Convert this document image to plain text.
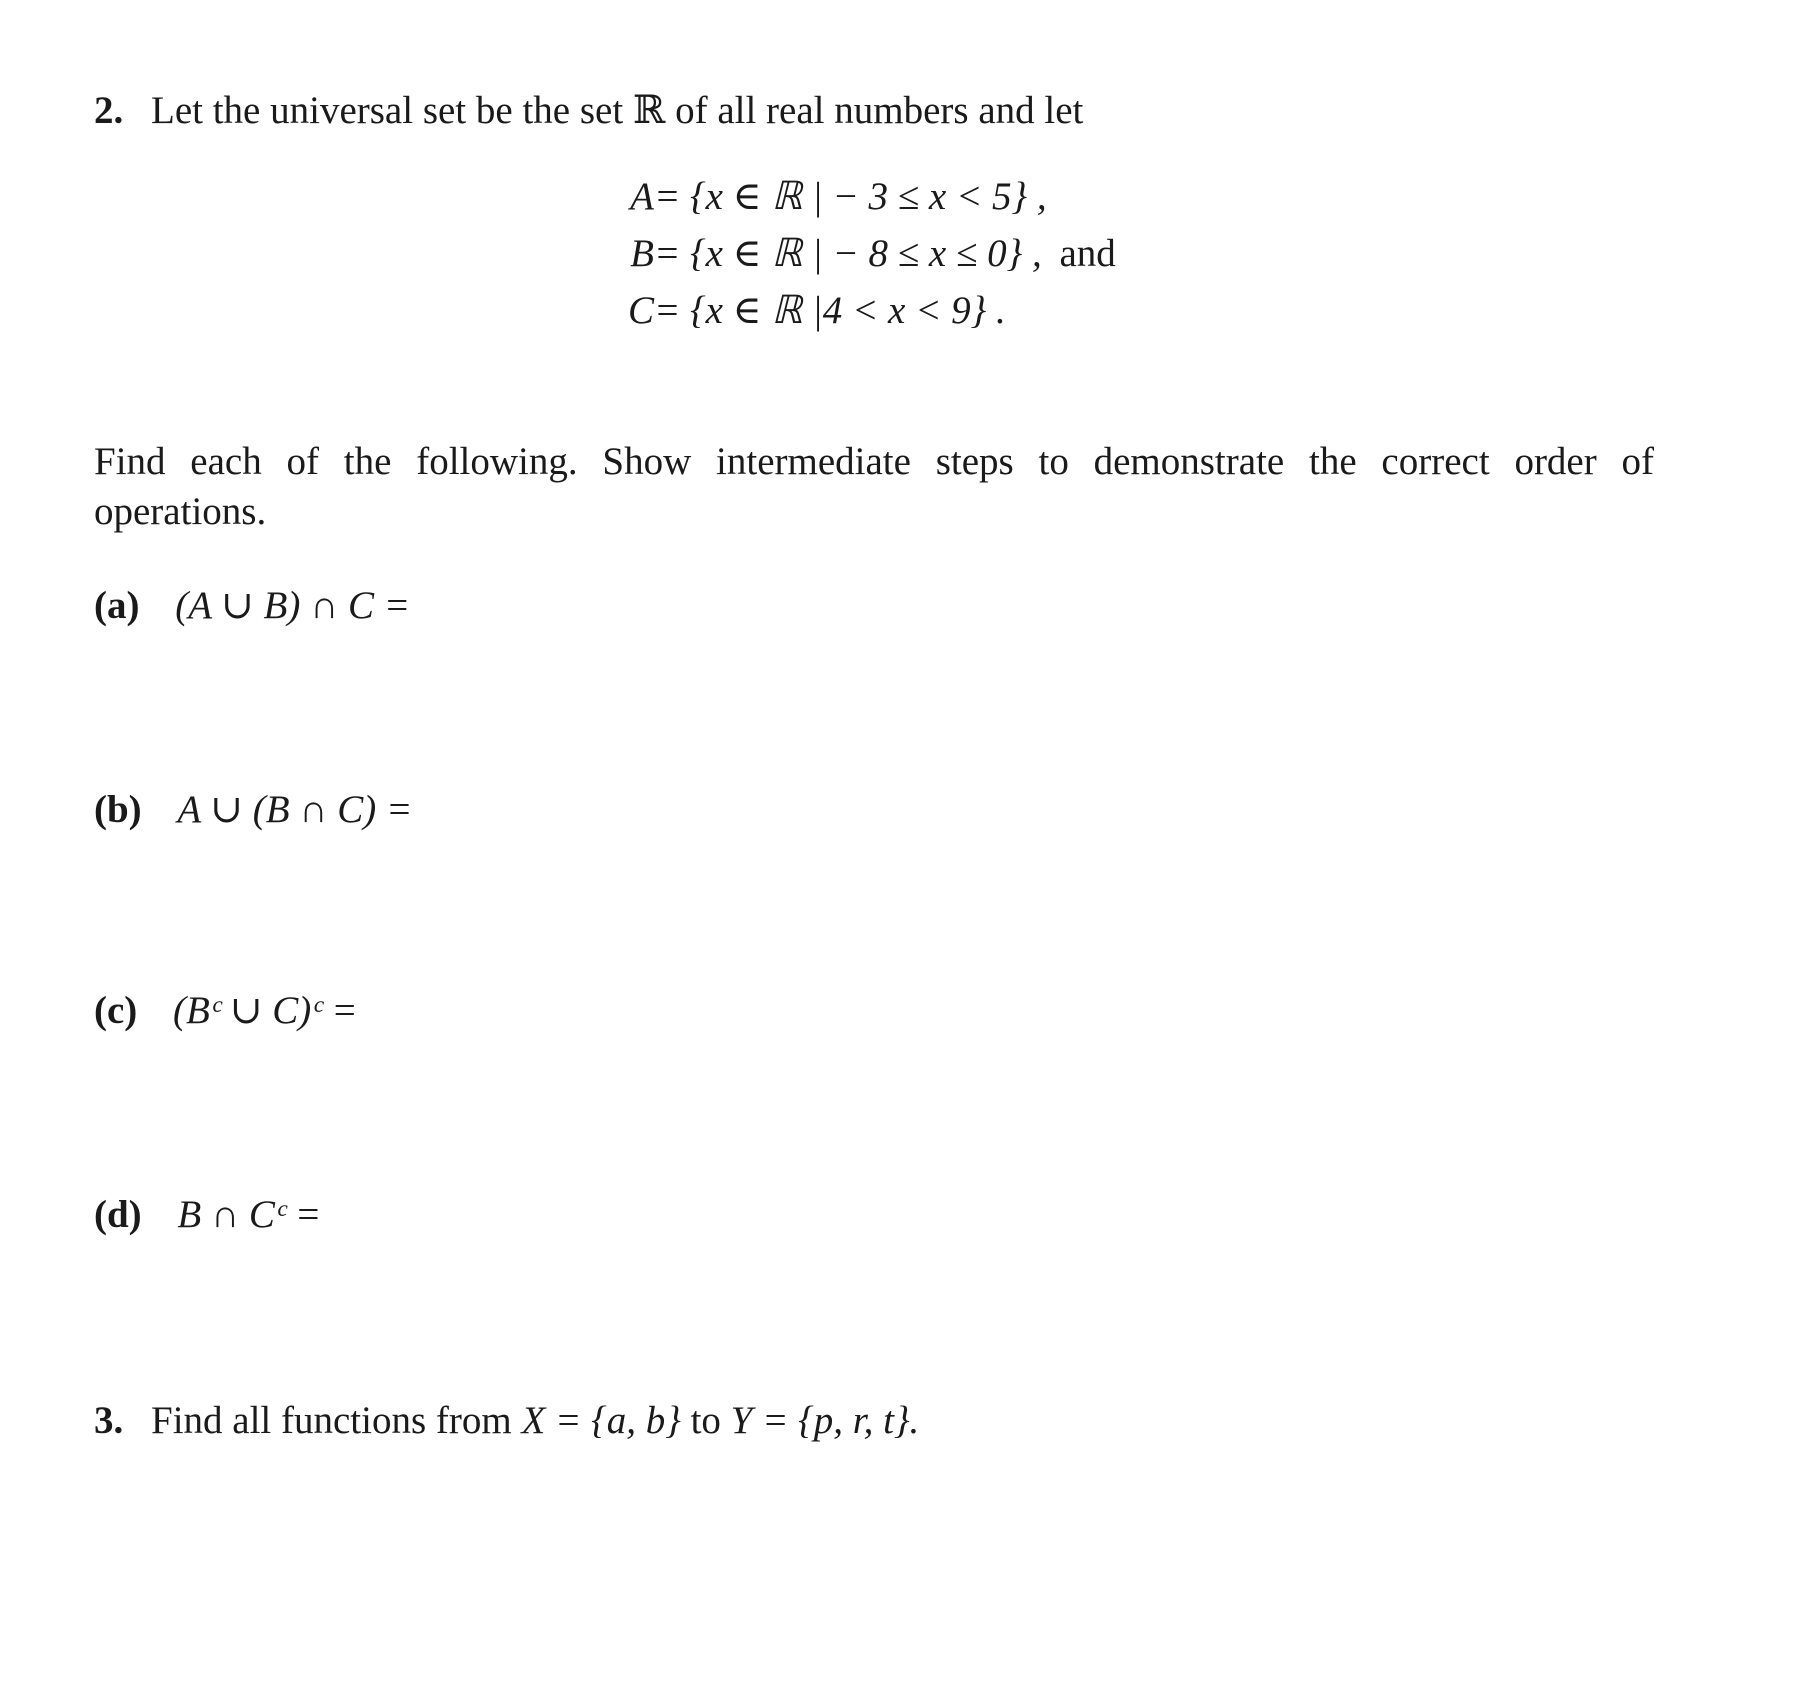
2. Let the universal set be the set ℝ of all real numbers and let
A = {x ∈ ℝ | − 3 ≤ x < 5} ,
B = {x ∈ ℝ | − 8 ≤ x ≤ 0} , and
C = {x ∈ ℝ |4 < x < 9} .
Find each of the following. Show intermediate steps to demonstrate the correct order of operations.
(a) (A ∪ B) ∩ C =
(b) A ∪ (B ∩ C) =
(c) (Bᶜ ∪ C)ᶜ =
(d) B ∩ Cᶜ =
3. Find all functions from X = {a, b} to Y = {p, r, t}.
